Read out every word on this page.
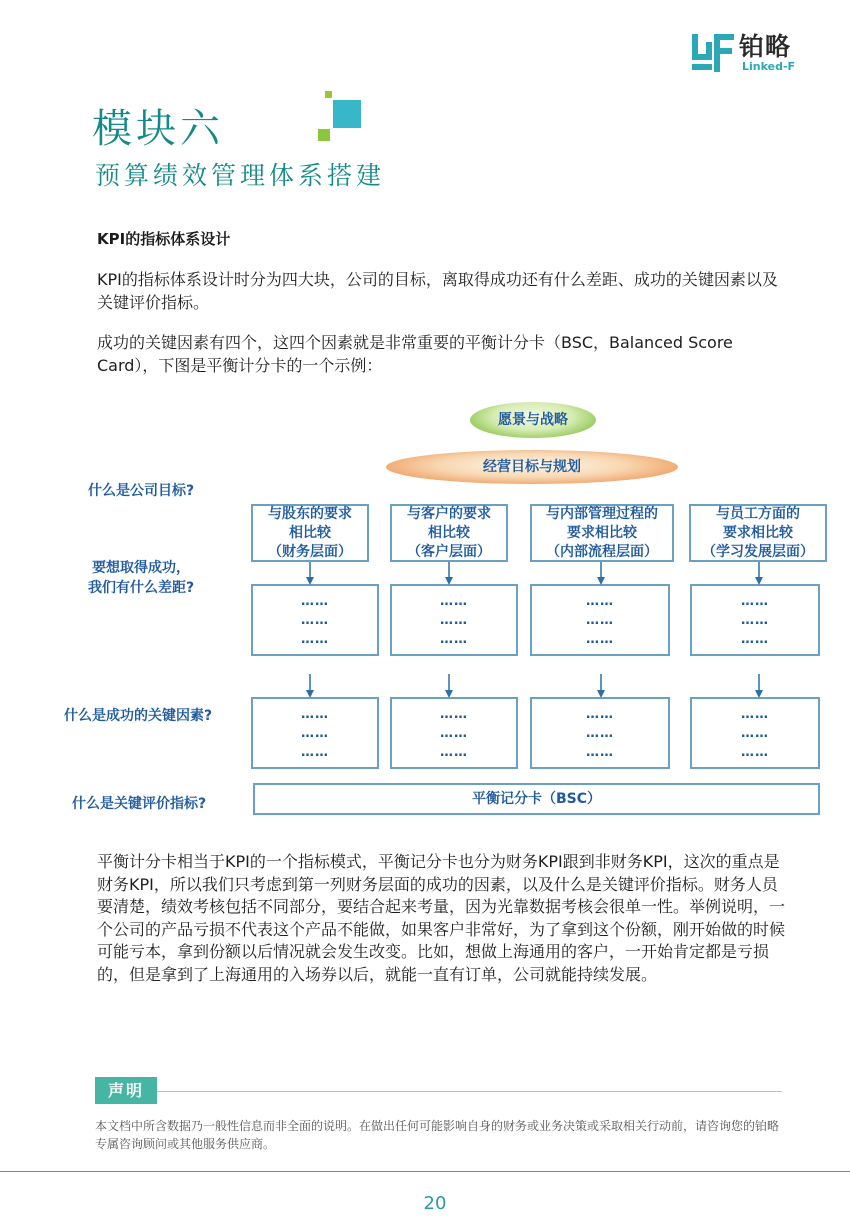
铂略
Linked-F
模块六
预算绩效管理体系搭建
KPI的指标体系设计

KPI的指标体系设计时分为四大块，公司的目标，离取得成功还有什么差距、成功的关键因素以及关键评价指标。

成功的关键因素有四个，这四个因素就是非常重要的平衡计分卡（BSC，Balanced Score Card），下图是平衡计分卡的一个示例：

愿景与战略
经营目标与规划
什么是公司目标?
要想取得成功，
我们有什么差距?
什么是成功的关键因素?
什么是关键评价指标?
与股东的要求
相比较
（财务层面）
与客户的要求
相比较
（客户层面）
与内部管理过程的
要求相比较
（内部流程层面）
与员工方面的
要求相比较
（学习发展层面）
……
……
……
……
……
……
……
……
……
……
……
……
……
……
……
……
……
……
……
……
……
……
……
……
平衡记分卡（BSC）

平衡计分卡相当于KPI的一个指标模式，平衡记分卡也分为财务KPI跟到非财务KPI，这次的重点是财务KPI，所以我们只考虑到第一列财务层面的成功的因素，以及什么是关键评价指标。财务人员要清楚，绩效考核包括不同部分，要结合起来考量，因为光靠数据考核会很单一性。举例说明，一个公司的产品亏损不代表这个产品不能做，如果客户非常好，为了拿到这个份额，刚开始做的时候可能亏本，拿到份额以后情况就会发生改变。比如，想做上海通用的客户，一开始肯定都是亏损的，但是拿到了上海通用的入场券以后，就能一直有订单，公司就能持续发展。

声明

本文档中所含数据乃一般性信息而非全面的说明。在做出任何可能影响自身的财务或业务决策或采取相关行动前，请咨询您的铂略专属咨询顾问或其他服务供应商。

20
